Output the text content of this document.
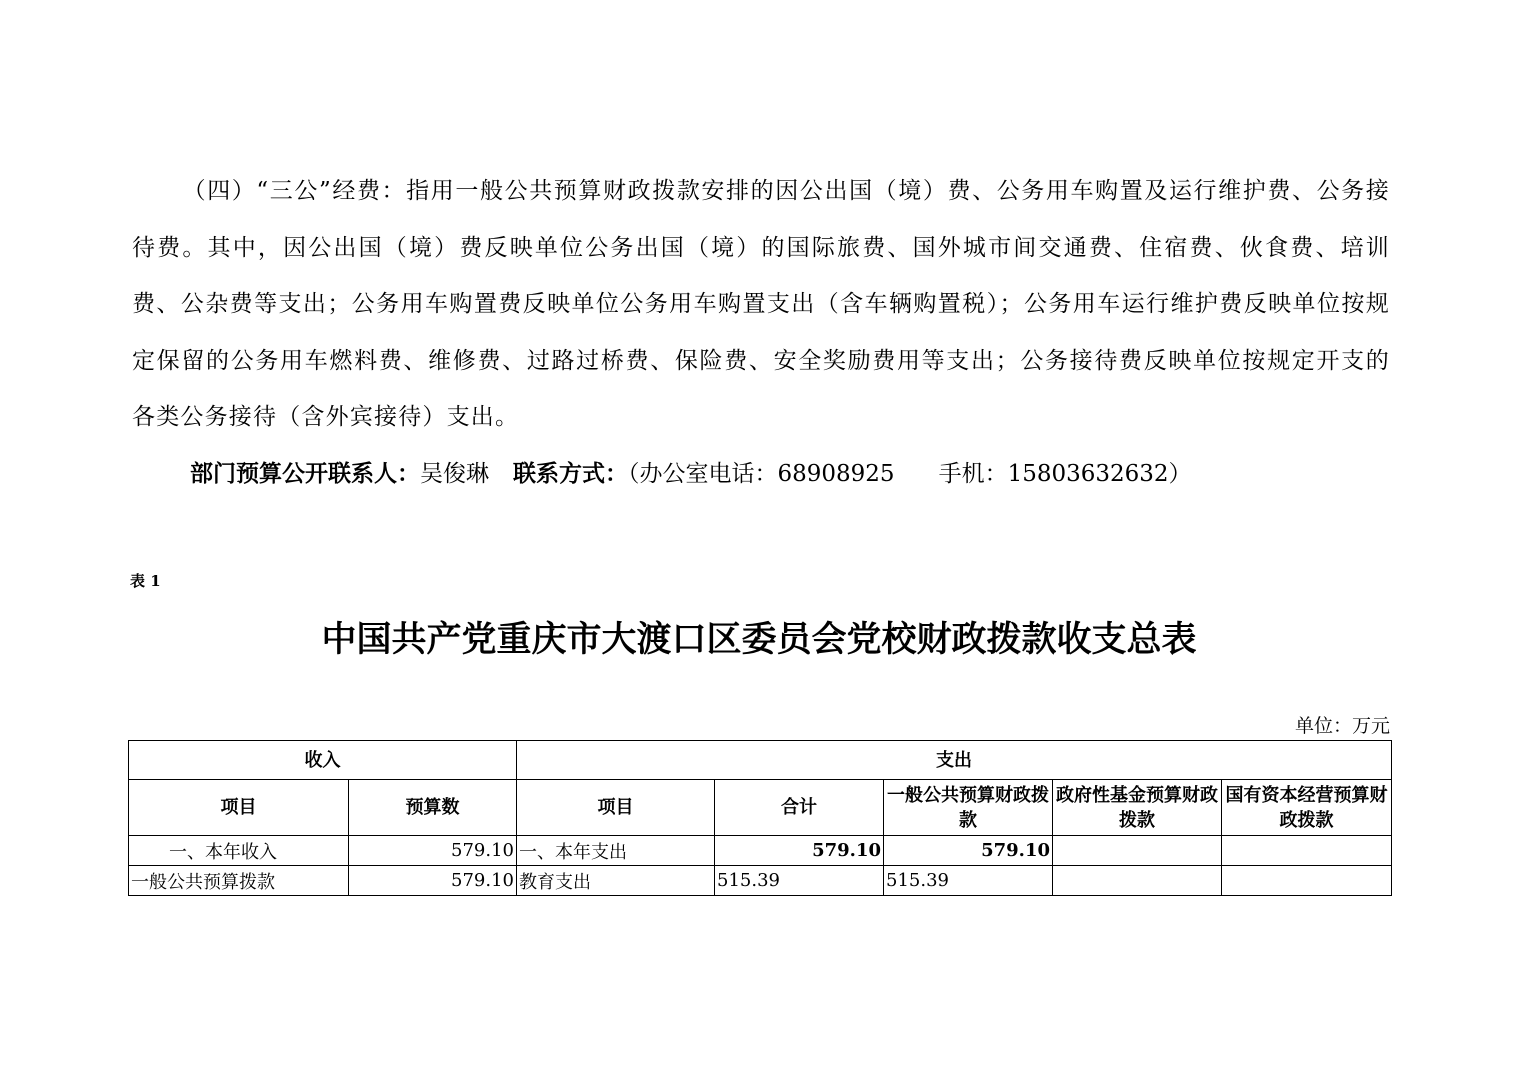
（四）“三公”经费：指用一般公共预算财政拨款安排的因公出国（境）费、公务用车购置及运行维护费、公务接待费。其中，因公出国（境）费反映单位公务出国（境）的国际旅费、国外城市间交通费、住宿费、伙食费、培训费、公杂费等支出；公务用车购置费反映单位公务用车购置支出（含车辆购置税）；公务用车运行维护费反映单位按规定保留的公务用车燃料费、维修费、过路过桥费、保险费、安全奖励费用等支出；公务接待费反映单位按规定开支的各类公务接待（含外宾接待）支出。

部门预算公开联系人：吴俊琳 联系方式：（办公室电话：68908925 手机：15803632632）

表 1

中国共产党重庆市大渡口区委员会党校财政拨款收支总表

单位：万元

收入		支出				
项目	预算数	项目	合计	一般公共预算财政拨款	政府性基金预算财政拨款	国有资本经营预算财政拨款
一、本年收入	579.10	一、本年支出	579.10	579.10		
一般公共预算拨款	579.10	教育支出	515.39	515.39		
